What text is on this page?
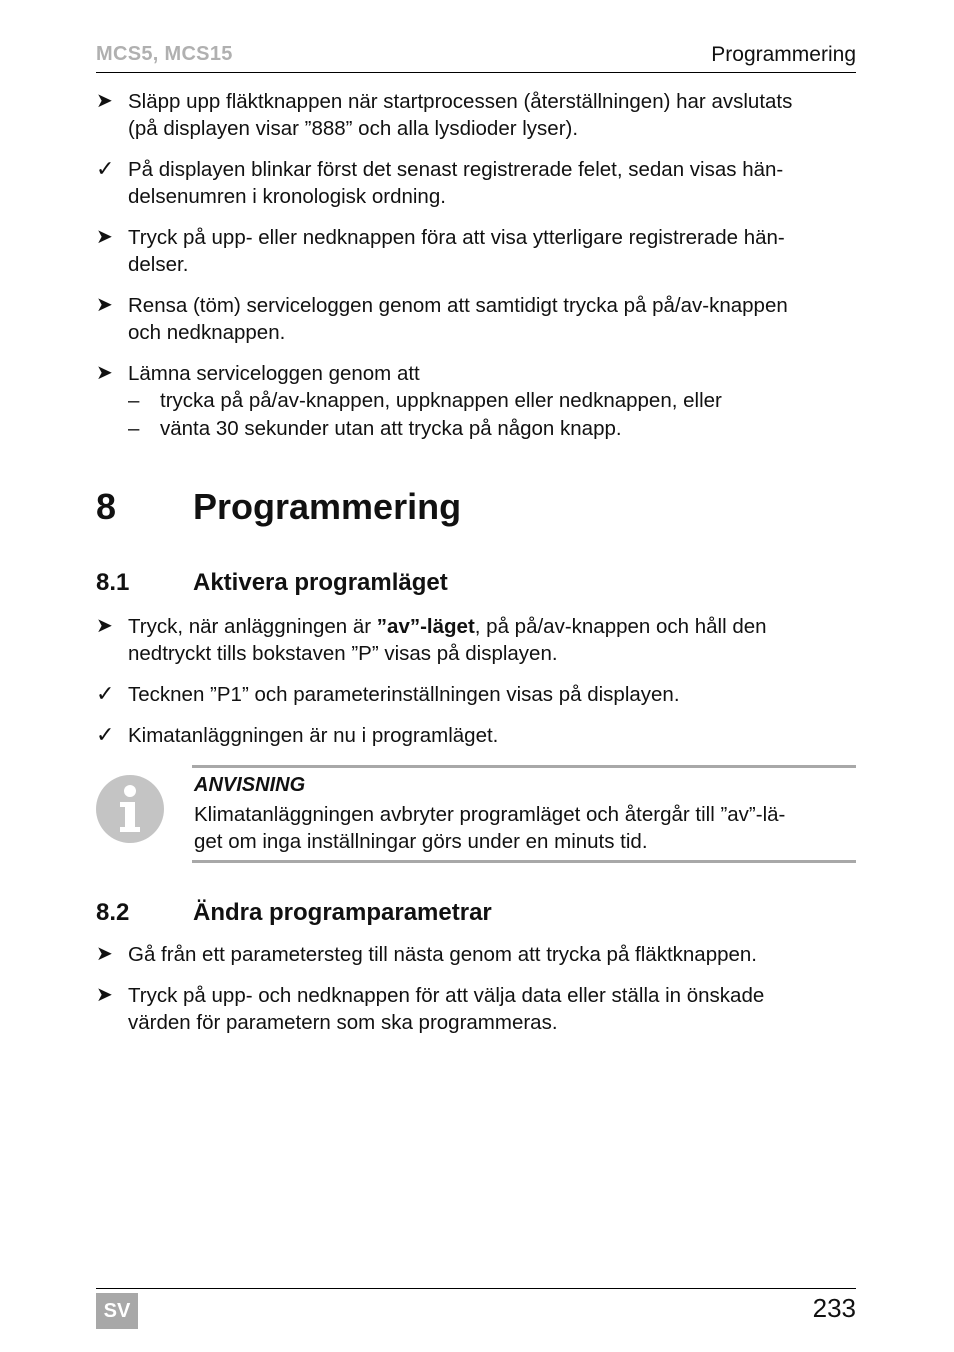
MCS5, MCS15	Programmering
➤ Släpp upp fläktknappen när startprocessen (återställningen) har avslutats
(på displayen visar ”888” och alla lysdioder lyser).
✓ På displayen blinkar först det senast registrerade felet, sedan visas hän-
delsenumren i kronologisk ordning.
➤ Tryck på upp- eller nedknappen föra att visa ytterligare registrerade hän-
delser.
➤ Rensa (töm) serviceloggen genom att samtidigt trycka på på/av-knappen
och nedknappen.
➤ Lämna serviceloggen genom att
– trycka på på/av-knappen, uppknappen eller nedknappen, eller
– vänta 30 sekunder utan att trycka på någon knapp.
8 Programmering
8.1	Aktivera programläget
➤ Tryck, när anläggningen är ”av”-läget, på på/av-knappen och håll den
nedtryckt tills bokstaven ”P” visas på displayen.
✓ Tecknen ”P1” och parameterinställningen visas på displayen.
✓ Kimatanläggningen är nu i programläget.
ANVISNING
Klimatanläggningen avbryter programläget och återgår till ”av”-lä-
get om inga inställningar görs under en minuts tid.
8.2	Ändra programparametrar
➤ Gå från ett parametersteg till nästa genom att trycka på fläktknappen.
➤ Tryck på upp- och nedknappen för att välja data eller ställa in önskade
värden för parametern som ska programmeras.
SV	233
